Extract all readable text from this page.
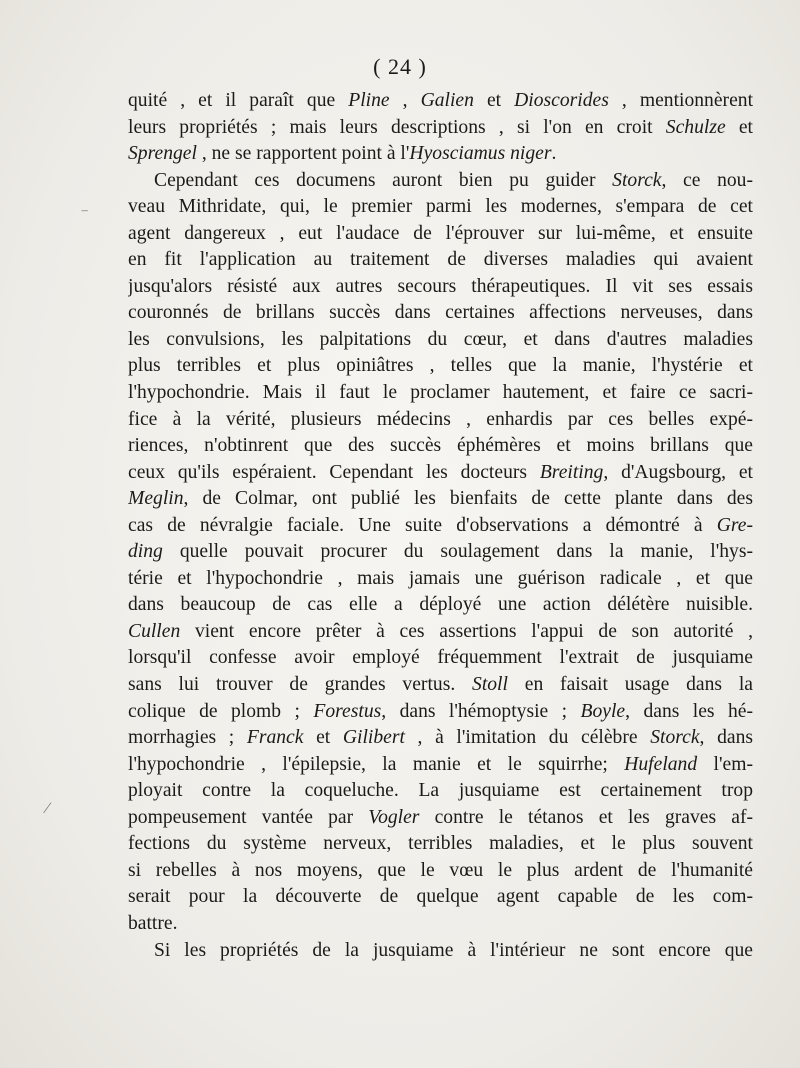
( 24 )
quité , et il paraît que Pline , Galien et Dioscorides , mentionnèrent
leurs propriétés ; mais leurs descriptions , si l'on en croit Schulze et
Sprengel , ne se rapportent point à l'Hyosciamus niger.
Cependant ces documens auront bien pu guider Storck, ce nou-
veau Mithridate, qui, le premier parmi les modernes, s'empara de cet
agent dangereux , eut l'audace de l'éprouver sur lui-même, et ensuite
en fit l'application au traitement de diverses maladies qui avaient
jusqu'alors résisté aux autres secours thérapeutiques. Il vit ses essais
couronnés de brillans succès dans certaines affections nerveuses, dans
les convulsions, les palpitations du cœur, et dans d'autres maladies
plus terribles et plus opiniâtres , telles que la manie, l'hystérie et
l'hypochondrie. Mais il faut le proclamer hautement, et faire ce sacri-
fice à la vérité, plusieurs médecins , enhardis par ces belles expé-
riences, n'obtinrent que des succès éphémères et moins brillans que
ceux qu'ils espéraient. Cependant les docteurs Breiting, d'Augsbourg, et
Meglin, de Colmar, ont publié les bienfaits de cette plante dans des
cas de névralgie faciale. Une suite d'observations a démontré à Gre-
ding quelle pouvait procurer du soulagement dans la manie, l'hys-
térie et l'hypochondrie , mais jamais une guérison radicale , et que
dans beaucoup de cas elle a déployé une action délétère nuisible.
Cullen vient encore prêter à ces assertions l'appui de son autorité ,
lorsqu'il confesse avoir employé fréquemment l'extrait de jusquiame
sans lui trouver de grandes vertus. Stoll en faisait usage dans la
colique de plomb ; Forestus, dans l'hémoptysie ; Boyle, dans les hé-
morrhagies ; Franck et Gilibert , à l'imitation du célèbre Storck, dans
l'hypochondrie , l'épilepsie, la manie et le squirrhe; Hufeland l'em-
ployait contre la coqueluche. La jusquiame est certainement trop
pompeusement vantée par Vogler contre le tétanos et les graves af-
fections du système nerveux, terribles maladies, et le plus souvent
si rebelles à nos moyens, que le vœu le plus ardent de l'humanité
serait pour la découverte de quelque agent capable de les com-
battre.
Si les propriétés de la jusquiame à l'intérieur ne sont encore que
‾
⁄
